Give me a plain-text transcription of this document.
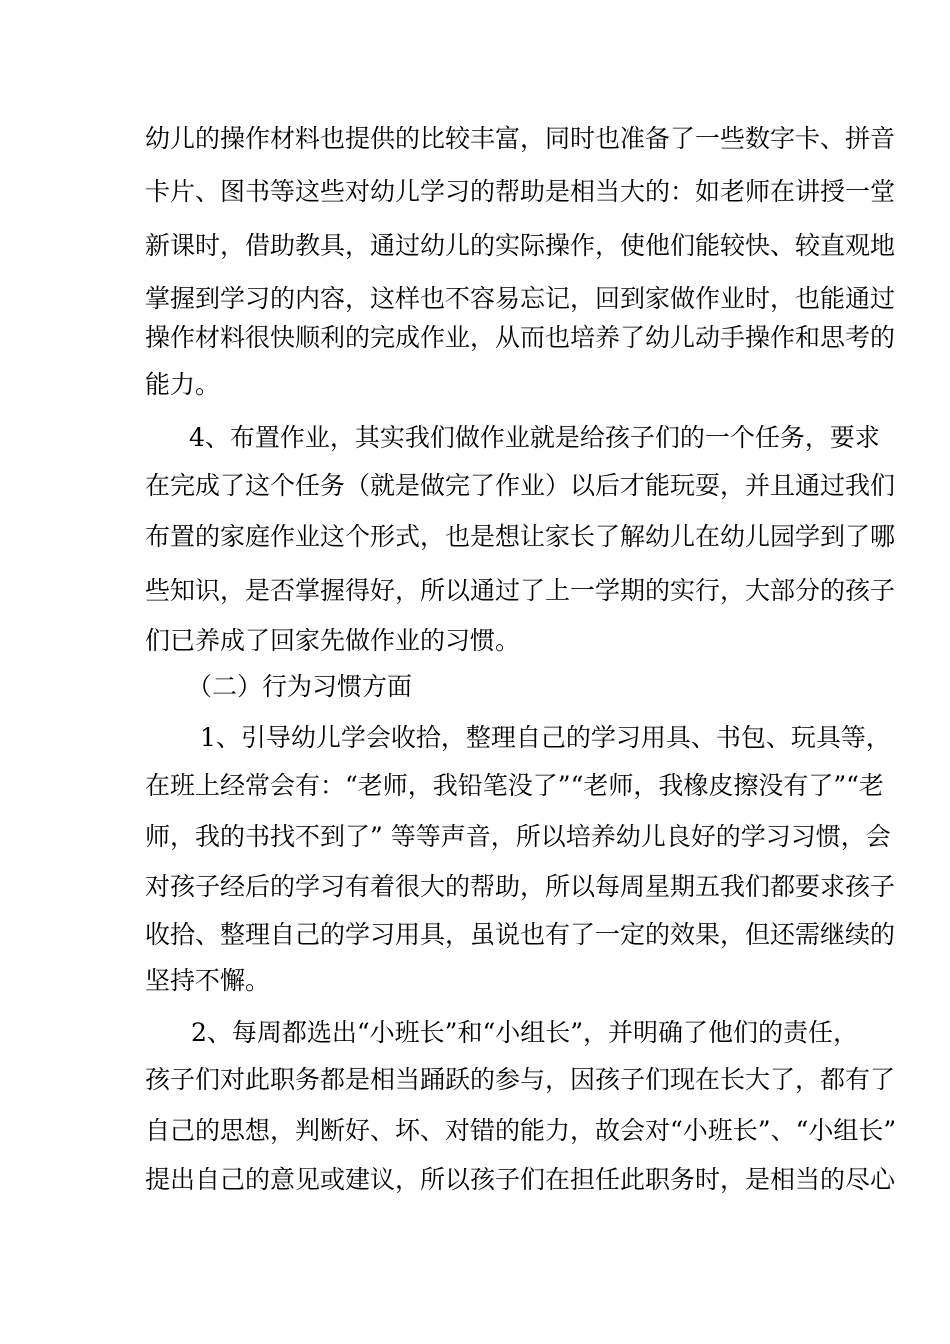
幼儿的操作材料也提供的比较丰富，同时也准备了一些数字卡、拼音
卡片、图书等这些对幼儿学习的帮助是相当大的：如老师在讲授一堂
新课时，借助教具，通过幼儿的实际操作，使他们能较快、较直观地
掌握到学习的内容，这样也不容易忘记，回到家做作业时，也能通过
操作材料很快顺利的完成作业，从而也培养了幼儿动手操作和思考的
能力。
4、布置作业，其实我们做作业就是给孩子们的一个任务，要求
在完成了这个任务（就是做完了作业）以后才能玩耍，并且通过我们
布置的家庭作业这个形式，也是想让家长了解幼儿在幼儿园学到了哪
些知识，是否掌握得好，所以通过了上一学期的实行，大部分的孩子
们已养成了回家先做作业的习惯。
（二）行为习惯方面
1、引导幼儿学会收拾，整理自己的学习用具、书包、玩具等，
在班上经常会有：“老师，我铅笔没了”“老师，我橡皮擦没有了”“老
师，我的书找不到了” 等等声音，所以培养幼儿良好的学习习惯，会
对孩子经后的学习有着很大的帮助，所以每周星期五我们都要求孩子
收拾、整理自己的学习用具，虽说也有了一定的效果，但还需继续的
坚持不懈。
2、每周都选出“小班长”和“小组长”，并明确了他们的责任，
孩子们对此职务都是相当踊跃的参与，因孩子们现在长大了，都有了
自己的思想，判断好、坏、对错的能力，故会对“小班长”、“小组长”
提出自己的意见或建议，所以孩子们在担任此职务时，是相当的尽心
